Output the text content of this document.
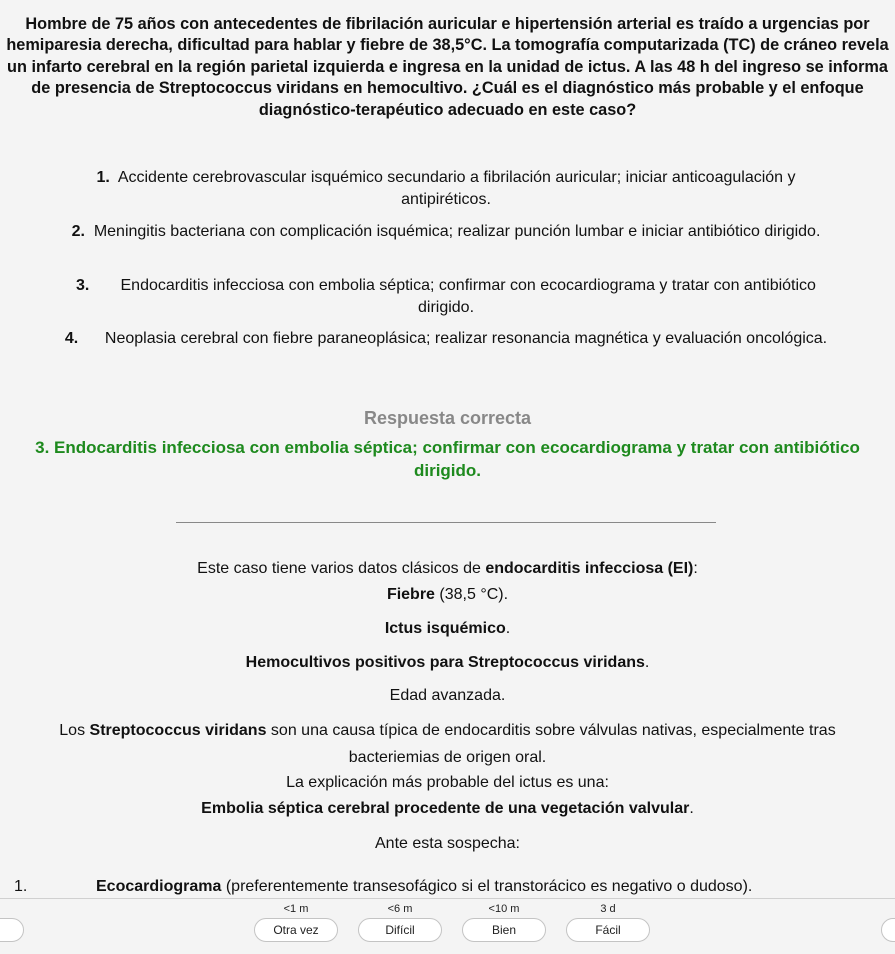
Hombre de 75 años con antecedentes de fibrilación auricular e hipertensión arterial es traído a urgencias por hemiparesia derecha, dificultad para hablar y fiebre de 38,5°C. La tomografía computarizada (TC) de cráneo revela un infarto cerebral en la región parietal izquierda e ingresa en la unidad de ictus. A las 48 h del ingreso se informa de presencia de Streptococcus viridans en hemocultivo. ¿Cuál es el diagnóstico más probable y el enfoque diagnóstico-terapéutico adecuado en este caso?
1. Accidente cerebrovascular isquémico secundario a fibrilación auricular; iniciar anticoagulación y antipiréticos.
2. Meningitis bacteriana con complicación isquémica; realizar punción lumbar e iniciar antibiótico dirigido.
3. Endocarditis infecciosa con embolia séptica; confirmar con ecocardiograma y tratar con antibiótico dirigido.
4. Neoplasia cerebral con fiebre paraneoplásica; realizar resonancia magnética y evaluación oncológica.
Respuesta correcta
3. Endocarditis infecciosa con embolia séptica; confirmar con ecocardiograma y tratar con antibiótico dirigido.
Este caso tiene varios datos clásicos de endocarditis infecciosa (EI):
Fiebre (38,5 °C).
Ictus isquémico.
Hemocultivos positivos para Streptococcus viridans.
Edad avanzada.
Los Streptococcus viridans son una causa típica de endocarditis sobre válvulas nativas, especialmente tras
bacteriemias de origen oral.
La explicación más probable del ictus es una:
Embolia séptica cerebral procedente de una vegetación valvular.
Ante esta sospecha:
1.	Ecocardiograma (preferentemente transesofágico si el transtorácico es negativo o dudoso).
<1 m
Otra vez
<6 m
Difícil
<10 m
Bien
3 d
Fácil
